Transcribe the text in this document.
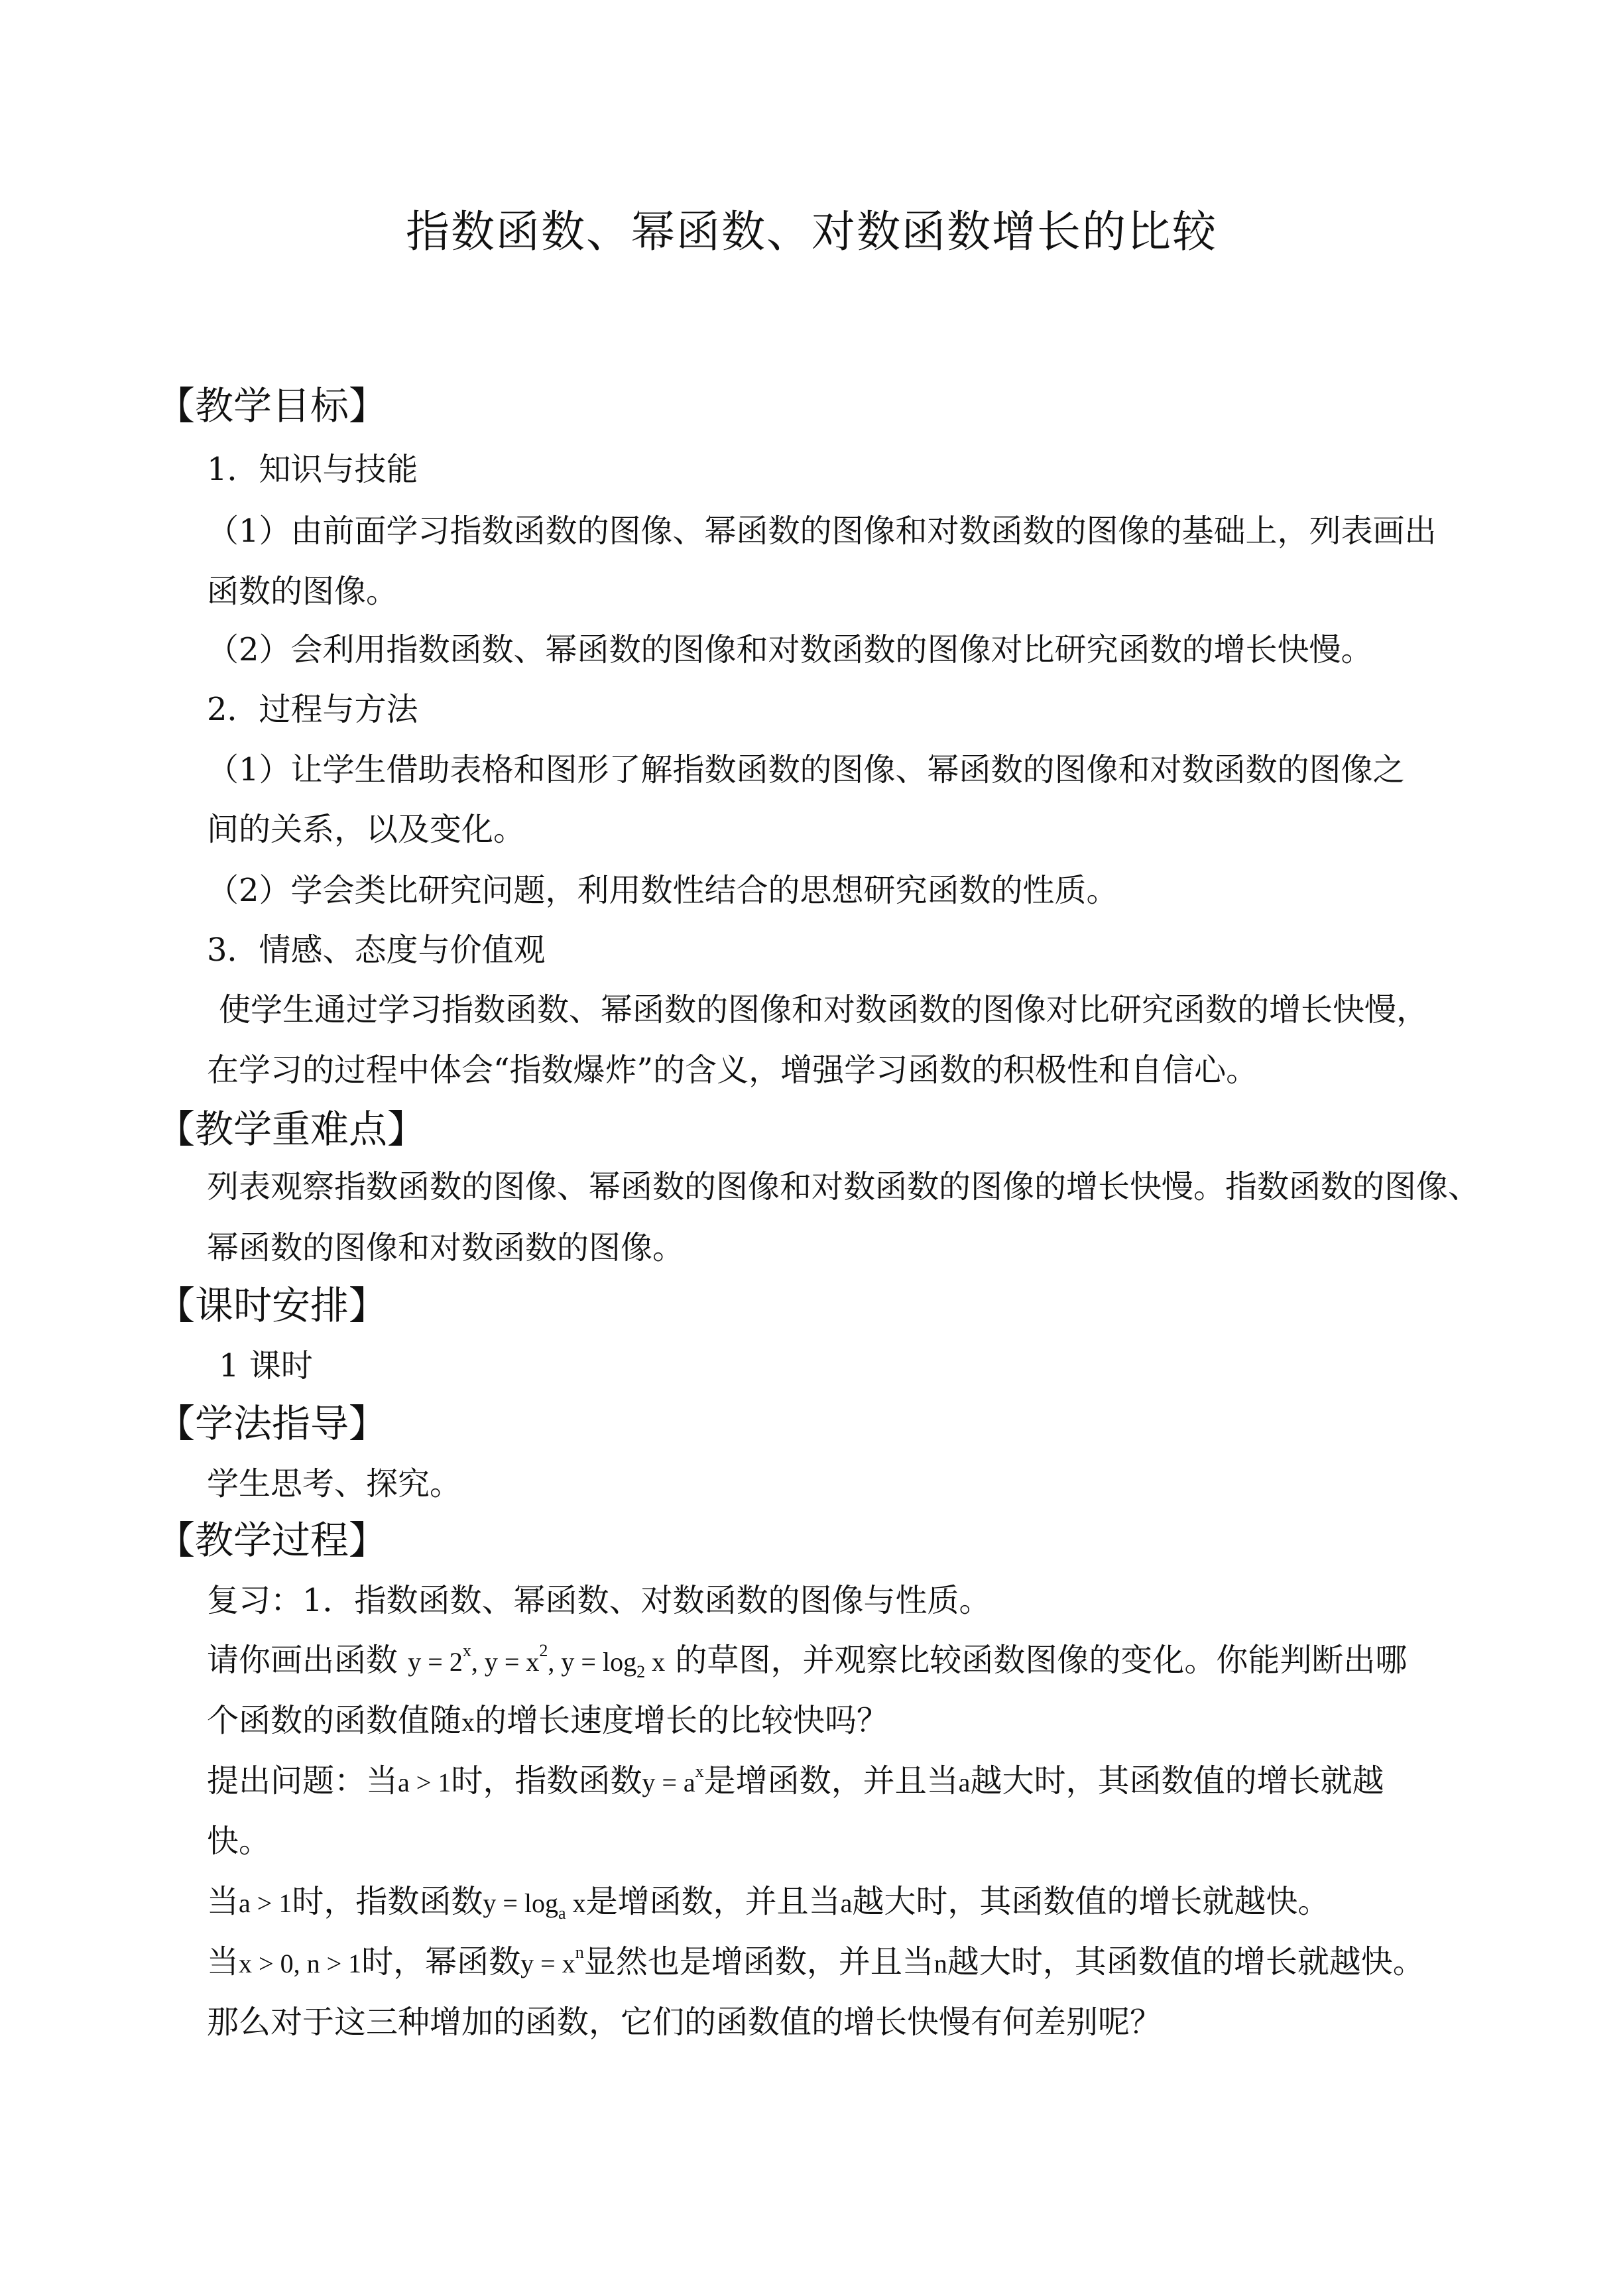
指数函数、幂函数、对数函数增长的比较
【教学目标】
1．知识与技能
（1）由前面学习指数函数的图像、幂函数的图像和对数函数的图像的基础上，列表画出
函数的图像。
（2）会利用指数函数、幂函数的图像和对数函数的图像对比研究函数的增长快慢。
2．过程与方法
（1）让学生借助表格和图形了解指数函数的图像、幂函数的图像和对数函数的图像之
间的关系，以及变化。
（2）学会类比研究问题，利用数性结合的思想研究函数的性质。
3．情感、态度与价值观
使学生通过学习指数函数、幂函数的图像和对数函数的图像对比研究函数的增长快慢，
在学习的过程中体会“指数爆炸”的含义，增强学习函数的积极性和自信心。
【教学重难点】
列表观察指数函数的图像、幂函数的图像和对数函数的图像的增长快慢。指数函数的图像、
幂函数的图像和对数函数的图像。
【课时安排】
1 课时
【学法指导】
学生思考、探究。
【教学过程】
复习：1．指数函数、幂函数、对数函数的图像与性质。
请你画出函数 $y = 2^x$, $y = x^2$, $y = \log_2 x$ 的草图，并观察比较函数图像的变化。你能判断出哪
个函数的函数值随x的增长速度增长的比较快吗？
提出问题：当a > 1时，指数函数$y = a^x$是增函数，并且当a越大时，其函数值的增长就越
快。
当a > 1时，指数函数$y = \log_a x$是增函数，并且当a越大时，其函数值的增长就越快。
当x > 0, n > 1时，幂函数$y = x^n$显然也是增函数，并且当n越大时，其函数值的增长就越快。
那么对于这三种增加的函数，它们的函数值的增长快慢有何差别呢？
